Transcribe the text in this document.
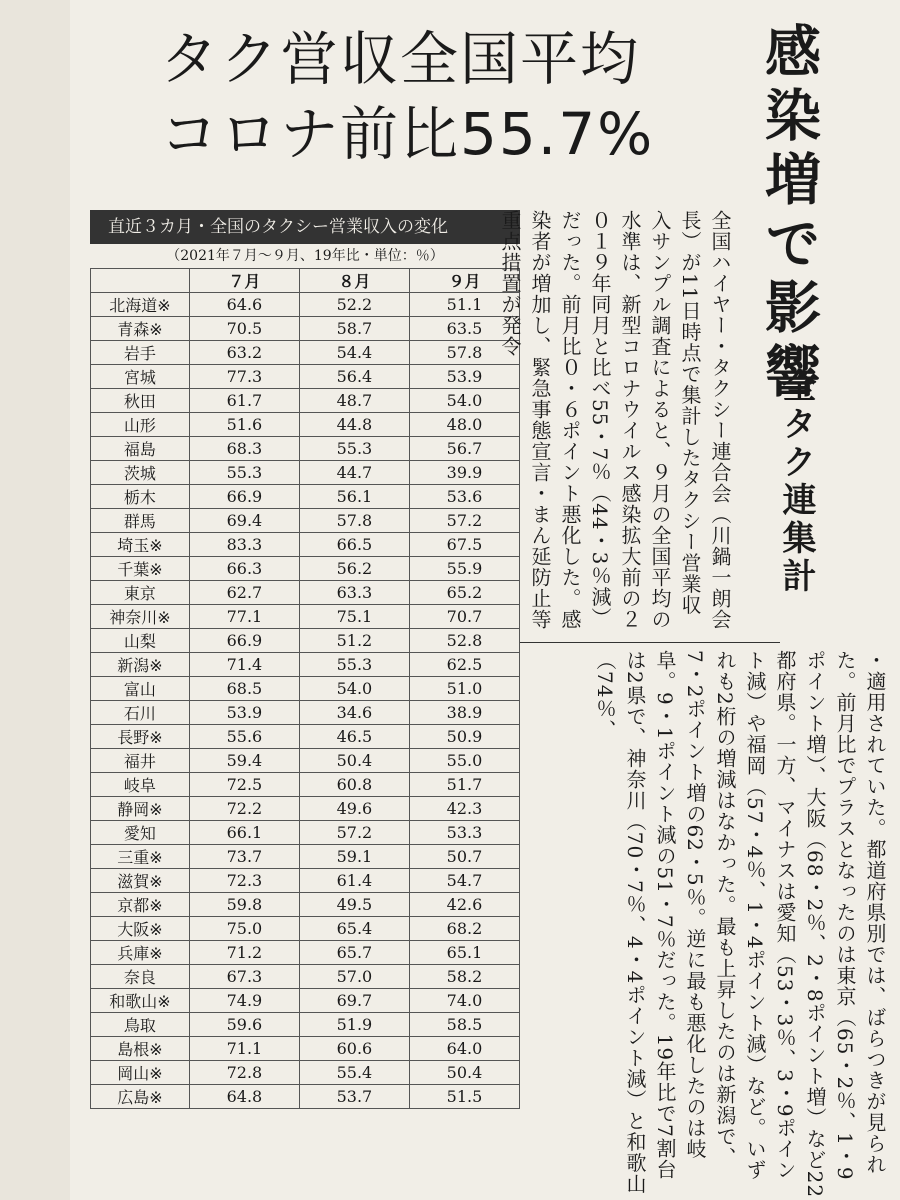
タク営収全国平均
コロナ前比55.7%	感染増で影響
全タク連集計
直近３カ月・全国のタクシー営業収入の変化
（2021年７月〜９月、19年比・単位：％）
	７月	８月	９月
北海道※	64.6	52.2	51.1
青森※	70.5	58.7	63.5
岩手	63.2	54.4	57.8
宮城	77.3	56.4	53.9
秋田	61.7	48.7	54.0
山形	51.6	44.8	48.0
福島	68.3	55.3	56.7
茨城	55.3	44.7	39.9
栃木	66.9	56.1	53.6
群馬	69.4	57.8	57.2
埼玉※	83.3	66.5	67.5
千葉※	66.3	56.2	55.9
東京	62.7	63.3	65.2
神奈川※	77.1	75.1	70.7
山梨	66.9	51.2	52.8
新潟※	71.4	55.3	62.5
富山	68.5	54.0	51.0
石川	53.9	34.6	38.9
長野※	55.6	46.5	50.9
福井	59.4	50.4	55.0
岐阜	72.5	60.8	51.7
静岡※	72.2	49.6	42.3
愛知	66.1	57.2	53.3
三重※	73.7	59.1	50.7
滋賀※	72.3	61.4	54.7
京都※	59.8	49.5	42.6
大阪※	75.0	65.4	68.2
兵庫※	71.2	65.7	65.1
奈良	67.3	57.0	58.2
和歌山※	74.9	69.7	74.0
鳥取	59.6	51.9	58.5
島根※	71.1	60.6	64.0
岡山※	72.8	55.4	50.4
広島※	64.8	53.7	51.5
全国ハイヤー・タクシー連合会（川鍋一朗会長）が11日時点で集計したタクシー営業収入サンプル調査によると、９月の全国平均の水準は、新型コロナウイルス感染拡大前の２０１９年同月と比べ55・7％（44・3％減）だった。前月比０・６ポイント悪化した。感染者が増加し、緊急事態宣言・まん延防止等重点措置が発令
・適用されていた。都道府県別では、ばらつきが見られた。前月比でプラスとなったのは東京（65・2％、1・9ポイント増）、大阪（68・2％、2・8ポイント増）など22都府県。一方、マイナスは愛知（53・3％、3・9ポイント減）や福岡（57・4％、1・4ポイント減）など。いずれも2桁の増減はなかった。最も上昇したのは新潟で、7・2ポイント増の62・5％。逆に最も悪化したのは岐阜。9・1ポイント減の51・7％だった。19年比で7割台は2県で、神奈川（70・7％、4・4ポイント減）と和歌山（74％、
